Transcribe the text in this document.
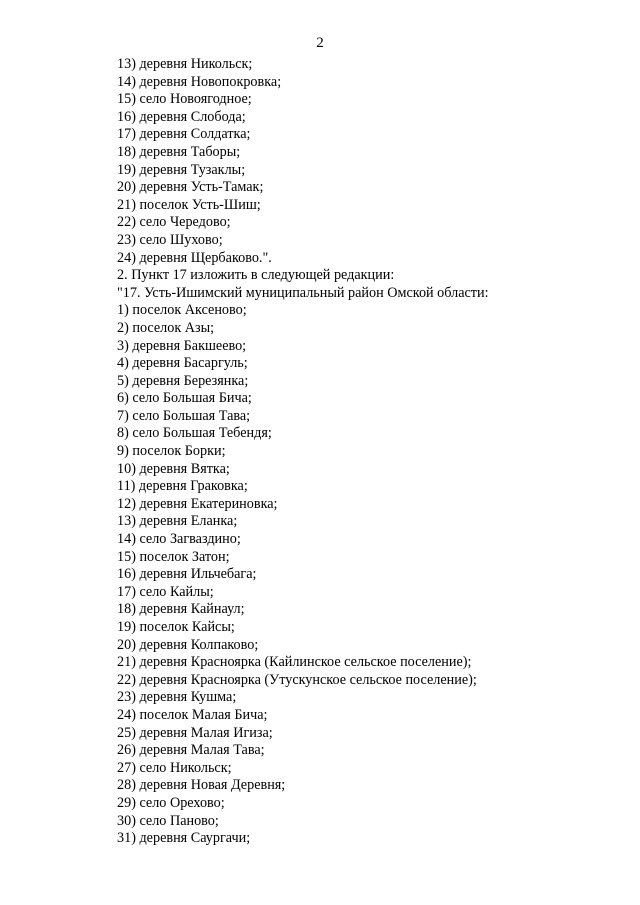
2
13) деревня Никольск;
14) деревня Новопокровка;
15) село Новоягодное;
16) деревня Слобода;
17) деревня Солдатка;
18) деревня Таборы;
19) деревня Тузаклы;
20) деревня Усть-Тамак;
21) поселок Усть-Шиш;
22) село Чередово;
23) село Шухово;
24) деревня Щербаково.".
2. Пункт 17 изложить в следующей редакции:
"17. Усть-Ишимский муниципальный район Омской области:
1) поселок Аксеново;
2) поселок Азы;
3) деревня Бакшеево;
4) деревня Басаргуль;
5) деревня Березянка;
6) село Большая Бича;
7) село Большая Тава;
8) село Большая Тебендя;
9) поселок Борки;
10) деревня Вятка;
11) деревня Граковка;
12) деревня Екатериновка;
13) деревня Еланка;
14) село Загваздино;
15) поселок Затон;
16) деревня Ильчебага;
17) село Кайлы;
18) деревня Кайнаул;
19) поселок Кайсы;
20) деревня Колпаково;
21) деревня Красноярка (Кайлинское сельское поселение);
22) деревня Красноярка (Утускунское сельское поселение);
23) деревня Кушма;
24) поселок Малая Бича;
25) деревня Малая Игиза;
26) деревня Малая Тава;
27) село Никольск;
28) деревня Новая Деревня;
29) село Орехово;
30) село Паново;
31) деревня Саургачи;
